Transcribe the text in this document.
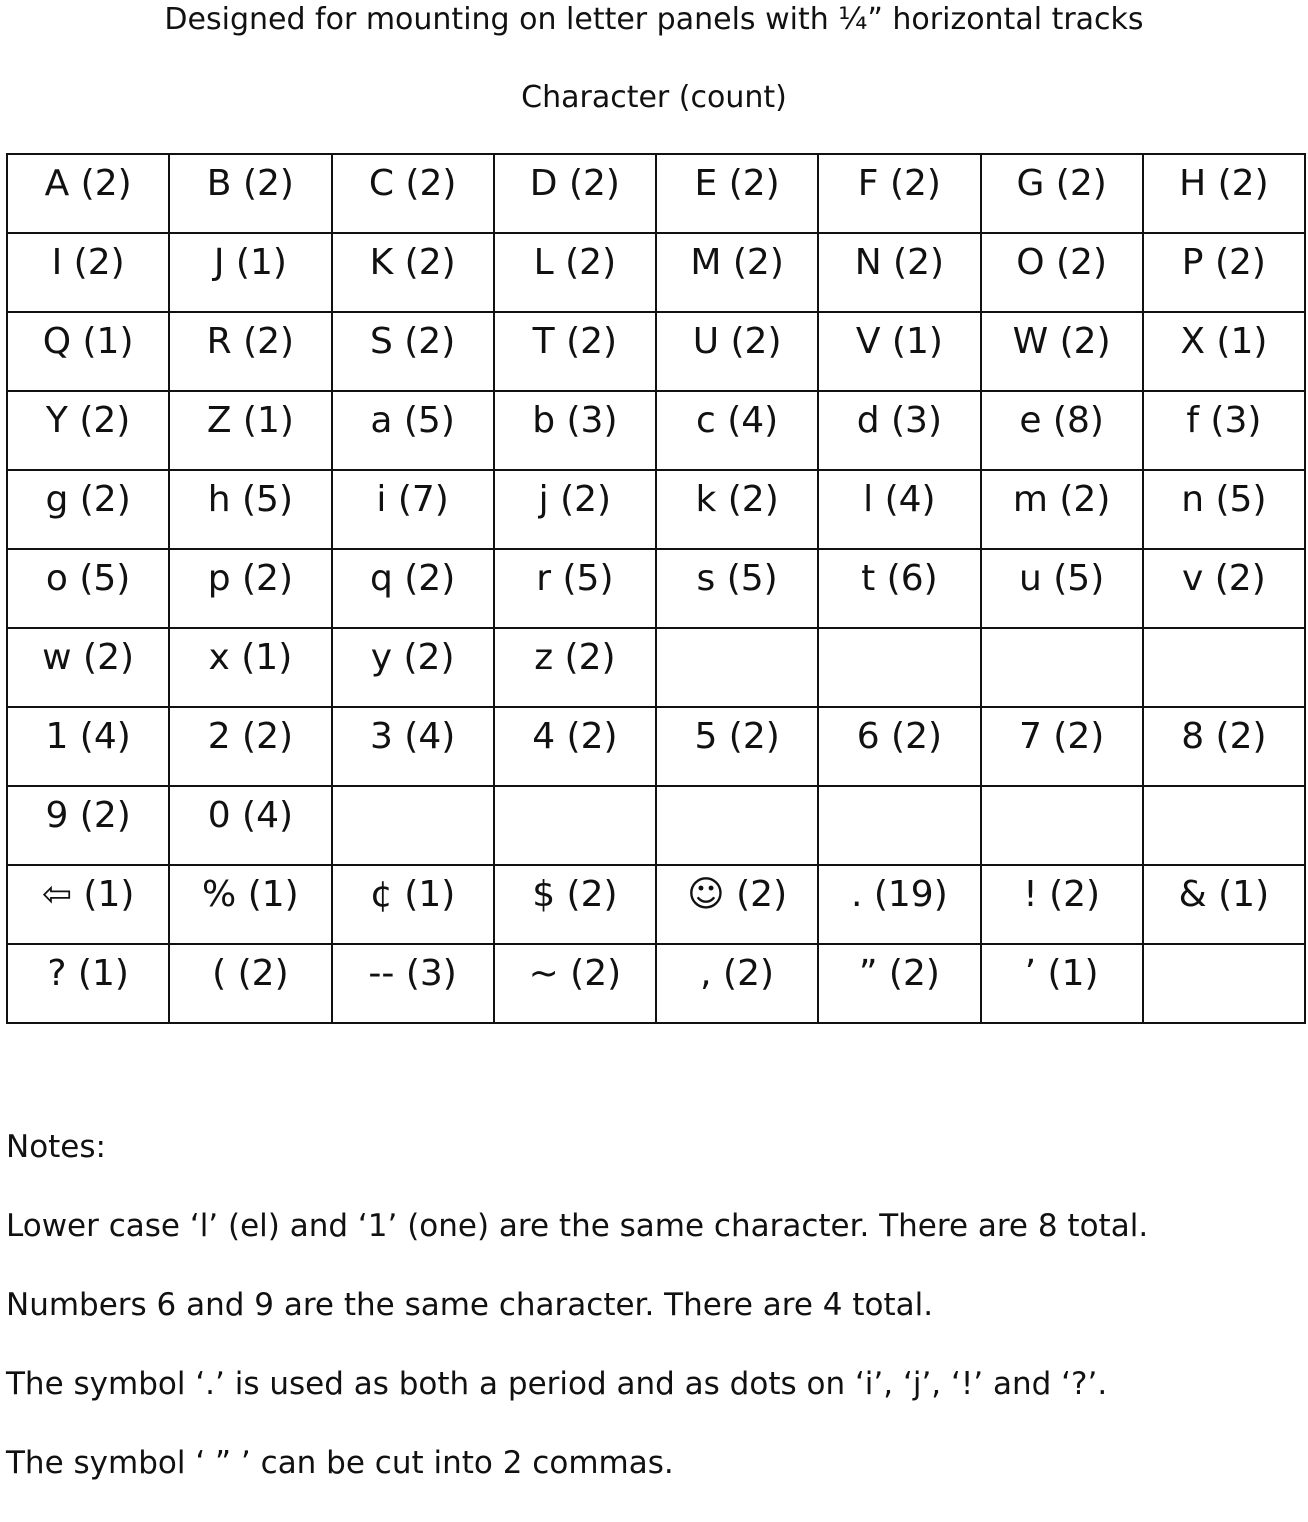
Designed for mounting on letter panels with ¼” horizontal tracks
Character (count)
A (2)	B (2)	C (2)	D (2)	E (2)	F (2)	G (2)	H (2)
I (2)	J (1)	K (2)	L (2)	M (2)	N (2)	O (2)	P (2)
Q (1)	R (2)	S (2)	T (2)	U (2)	V (1)	W (2)	X (1)
Y (2)	Z (1)	a (5)	b (3)	c (4)	d (3)	e (8)	f (3)
g (2)	h (5)	i (7)	j (2)	k (2)	l (4)	m (2)	n (5)
o (5)	p (2)	q (2)	r (5)	s (5)	t (6)	u (5)	v (2)
w (2)	x (1)	y (2)	z (2)				
1 (4)	2 (2)	3 (4)	4 (2)	5 (2)	6 (2)	7 (2)	8 (2)
9 (2)	0 (4)						
⇦ (1)	% (1)	¢ (1)	$ (2)	☺ (2)	. (19)	! (2)	& (1)
? (1)	( (2)	-- (3)	~ (2)	, (2)	” (2)	’ (1)	
Notes:
Lower case ‘l’ (el) and ‘1’ (one) are the same character. There are 8 total.
Numbers 6 and 9 are the same character. There are 4 total.
The symbol ‘.’ is used as both a period and as dots on ‘i’, ‘j’, ‘!’ and ‘?’.
The symbol ‘ ” ’ can be cut into 2 commas.
